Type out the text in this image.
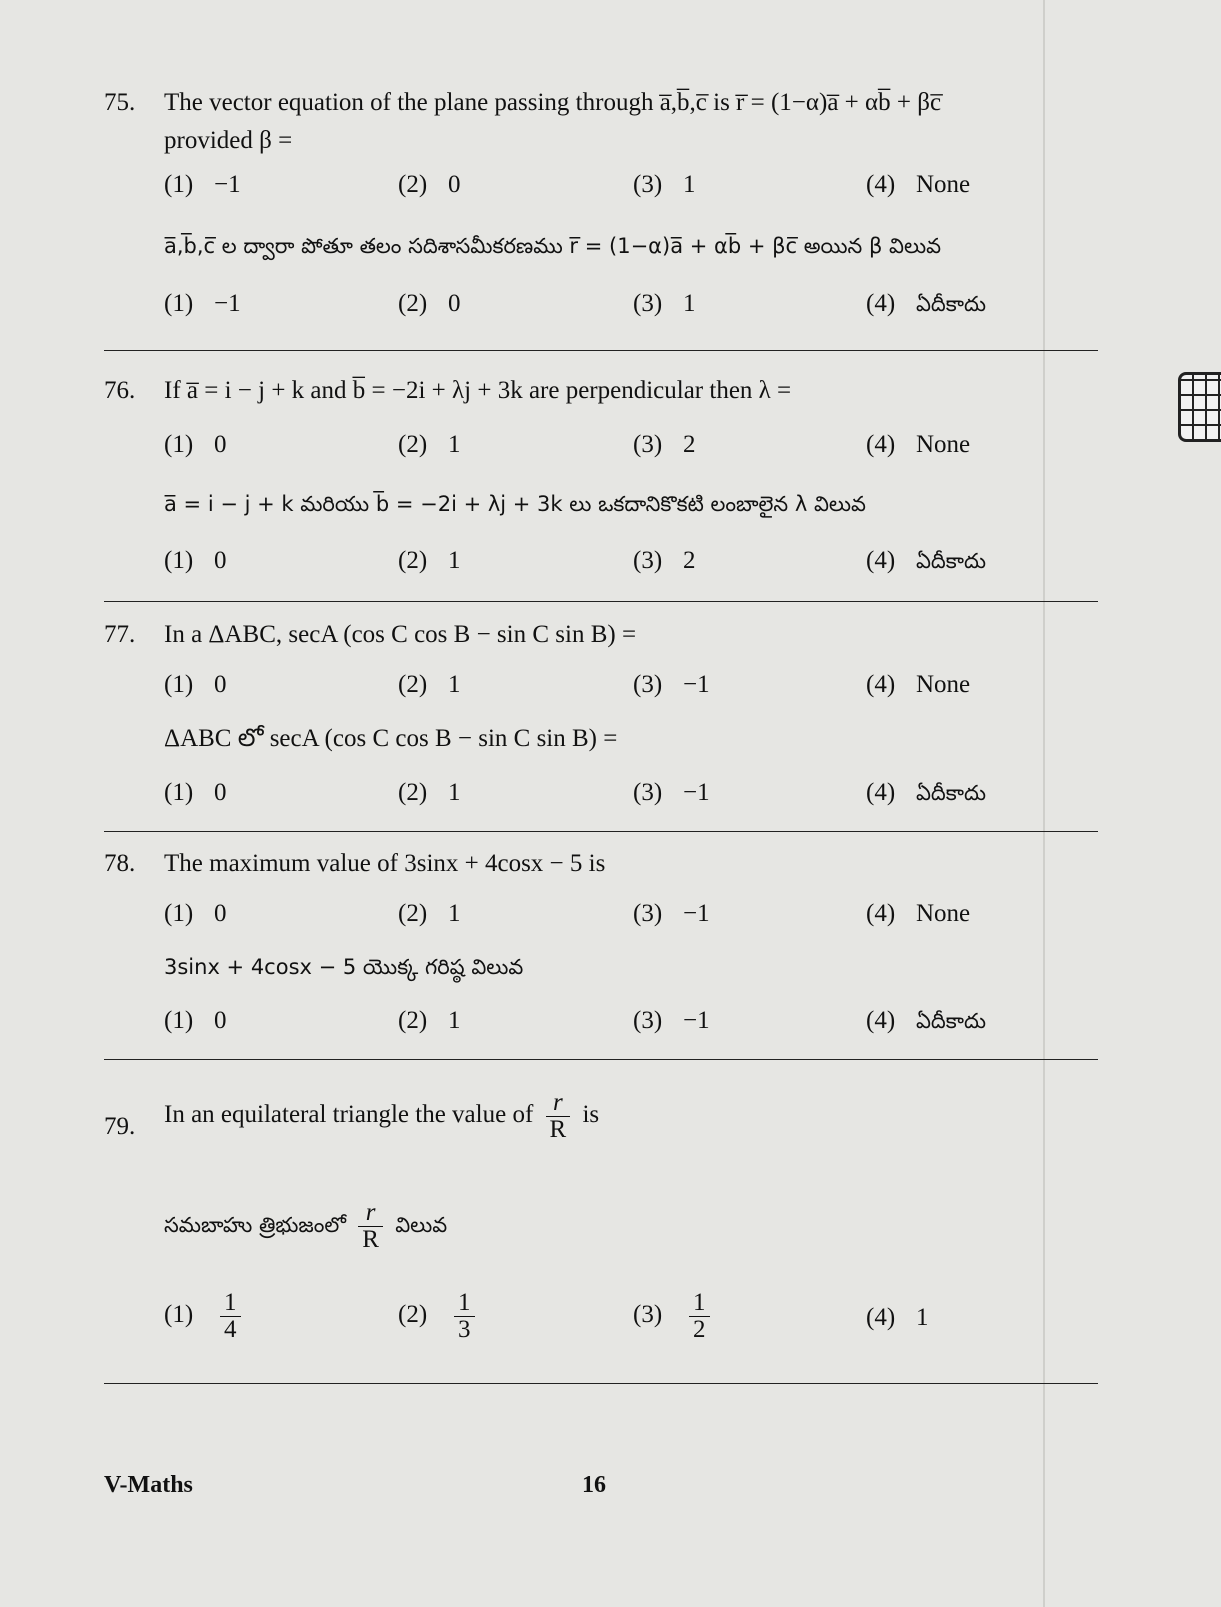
75.	The vector equation of the plane passing through a̅,b̅,c̅ is r̅ = (1−α)a̅ + αb̅ + βc̅
provided β =
(1) −1	(2) 0	(3) 1	(4) None
a̅,b̅,c̅ ల ద్వారా పోతూ తలం సదిశాసమీకరణము r̅ = (1−α)a̅ + αb̅ + βc̅ అయిన β విలువ
(1) −1	(2) 0	(3) 1	(4) ఏదీకాదు
76.	If a̅ = i − j + k and b̅ = −2i + λj + 3k are perpendicular then λ =
(1) 0	(2) 1	(3) 2	(4) None
a̅ = i − j + k మరియు b̅ = −2i + λj + 3k లు ఒకదానికొకటి లంబాలైన λ విలువ
(1) 0	(2) 1	(3) 2	(4) ఏదీకాదు
77.	In a ΔABC, secA (cos C cos B − sin C sin B) =
(1) 0	(2) 1	(3) −1	(4) None
ΔABC లో secA (cos C cos B − sin C sin B) =
(1) 0	(2) 1	(3) −1	(4) ఏదీకాదు
78.	The maximum value of 3sinx + 4cosx − 5 is
(1) 0	(2) 1	(3) −1	(4) None
3sinx + 4cosx − 5 యొక్క గరిష్ఠ విలువ
(1) 0	(2) 1	(3) −1	(4) ఏదీకాదు
79.	In an equilateral triangle the value of $\frac{r}{R}$ is
సమబాహు త్రిభుజంలో $\frac{r}{R}$ విలువ
$(1) \frac{1}{4}$	$(2) \frac{1}{3}$	$(3) \frac{1}{2}$	(4) 1
V-Maths	16
